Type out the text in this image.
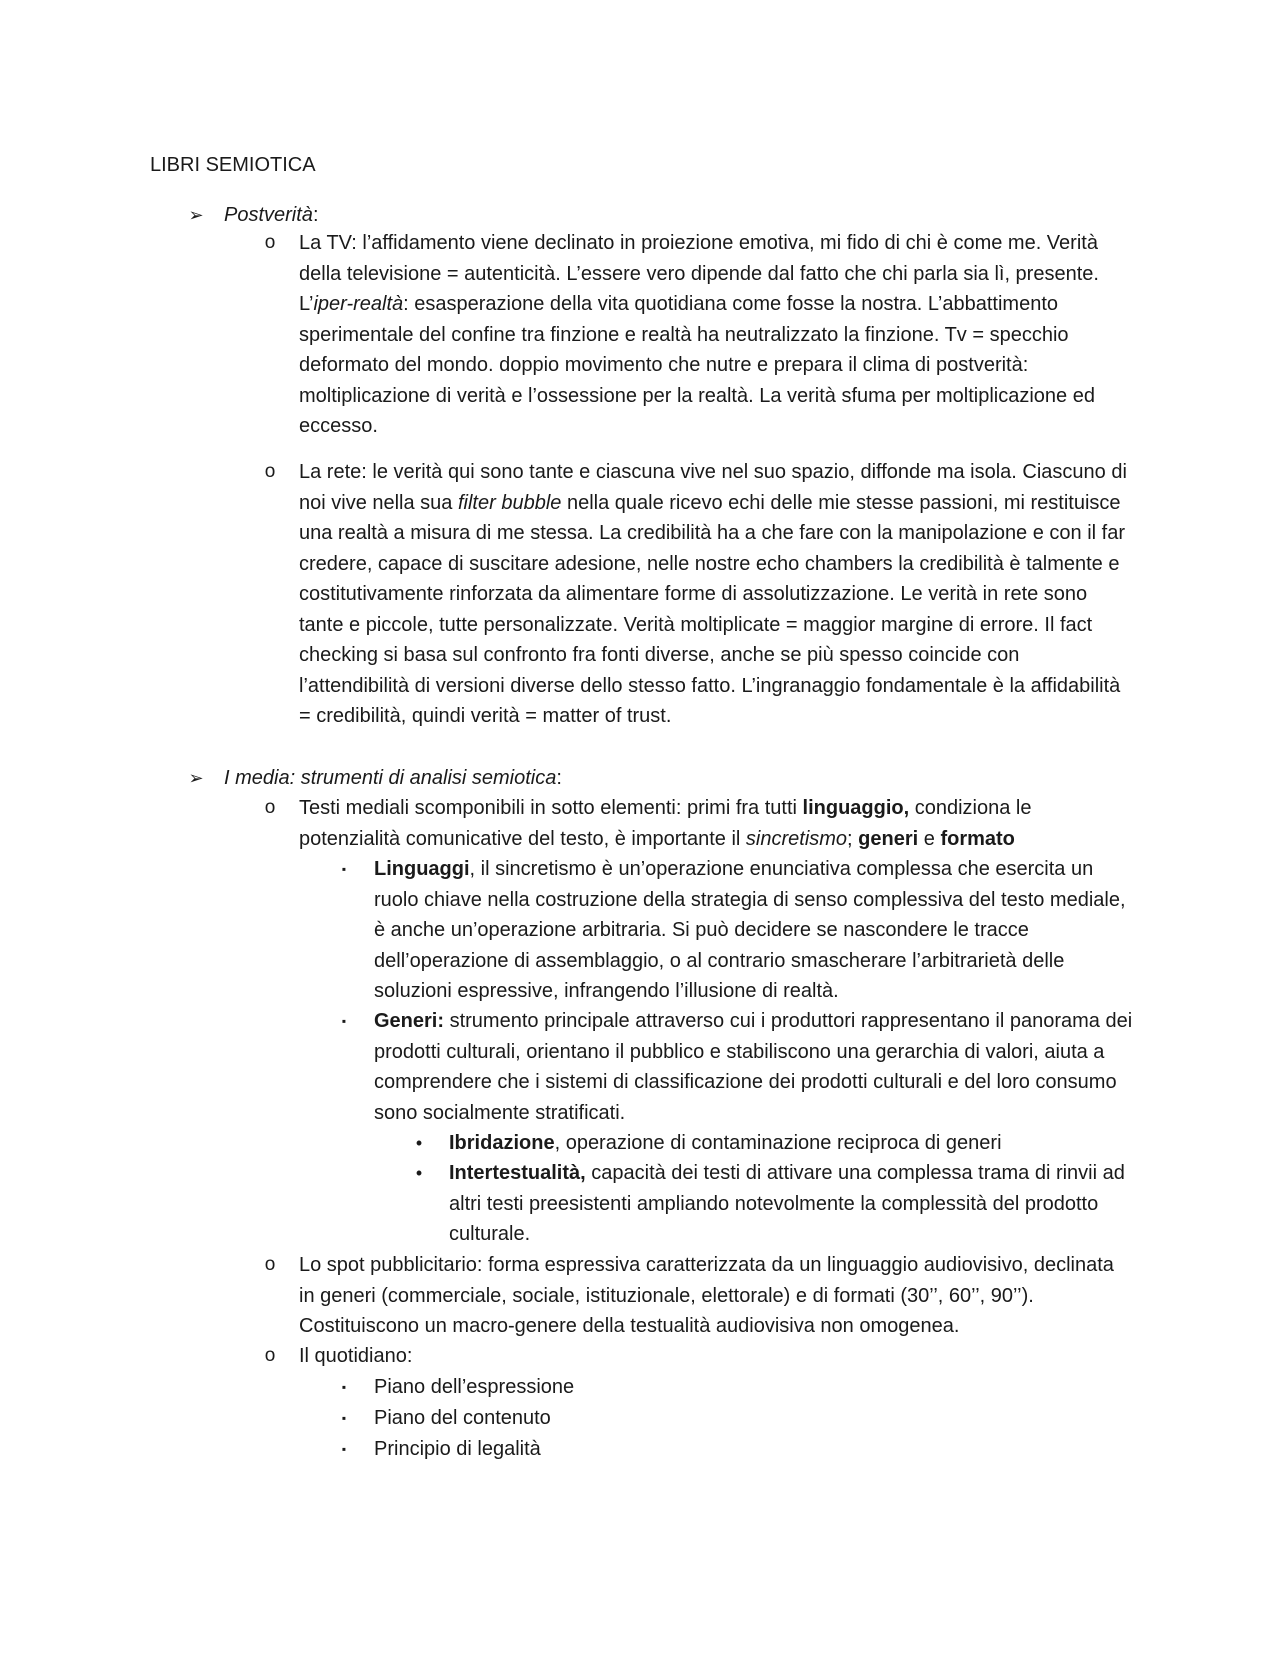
LIBRI SEMIOTICA
➢ Postverità:
o La TV: l’affidamento viene declinato in proiezione emotiva, mi fido di chi è come me. Verità della televisione = autenticità. L’essere vero dipende dal fatto che chi parla sia lì, presente. L’iper-realtà: esasperazione della vita quotidiana come fosse la nostra. L’abbattimento sperimentale del confine tra finzione e realtà ha neutralizzato la finzione. Tv = specchio deformato del mondo. doppio movimento che nutre e prepara il clima di postverità: moltiplicazione di verità e l’ossessione per la realtà. La verità sfuma per moltiplicazione ed eccesso.
o La rete: le verità qui sono tante e ciascuna vive nel suo spazio, diffonde ma isola. Ciascuno di noi vive nella sua filter bubble nella quale ricevo echi delle mie stesse passioni, mi restituisce una realtà a misura di me stessa. La credibilità ha a che fare con la manipolazione e con il far credere, capace di suscitare adesione, nelle nostre echo chambers la credibilità è talmente e costitutivamente rinforzata da alimentare forme di assolutizzazione. Le verità in rete sono tante e piccole, tutte personalizzate. Verità moltiplicate = maggior margine di errore. Il fact checking si basa sul confronto fra fonti diverse, anche se più spesso coincide con l’attendibilità di versioni diverse dello stesso fatto. L’ingranaggio fondamentale è la affidabilità = credibilità, quindi verità = matter of trust.
➢ I media: strumenti di analisi semiotica:
o Testi mediali scomponibili in sotto elementi: primi fra tutti linguaggio, condiziona le potenzialità comunicative del testo, è importante il sincretismo; generi e formato
▪	Linguaggi, il sincretismo è un’operazione enunciativa complessa che esercita un ruolo chiave nella costruzione della strategia di senso complessiva del testo mediale, è anche un’operazione arbitraria. Si può decidere se nascondere le tracce dell’operazione di assemblaggio, o al contrario smascherare l’arbitrarietà delle soluzioni espressive, infrangendo l’illusione di realtà.
▪	Generi: strumento principale attraverso cui i produttori rappresentano il panorama dei prodotti culturali, orientano il pubblico e stabiliscono una gerarchia di valori, aiuta a comprendere che i sistemi di classificazione dei prodotti culturali e del loro consumo sono socialmente stratificati.
•	Ibridazione, operazione di contaminazione reciproca di generi
•	Intertestualità, capacità dei testi di attivare una complessa trama di rinvii ad altri testi preesistenti ampliando notevolmente la complessità del prodotto culturale.
o Lo spot pubblicitario: forma espressiva caratterizzata da un linguaggio audiovisivo, declinata in generi (commerciale, sociale, istituzionale, elettorale) e di formati (30’’, 60’’, 90’’). Costituiscono un macro-genere della testualità audiovisiva non omogenea.
o Il quotidiano:
▪	Piano dell’espressione
▪	Piano del contenuto
▪	Principio di legalità
